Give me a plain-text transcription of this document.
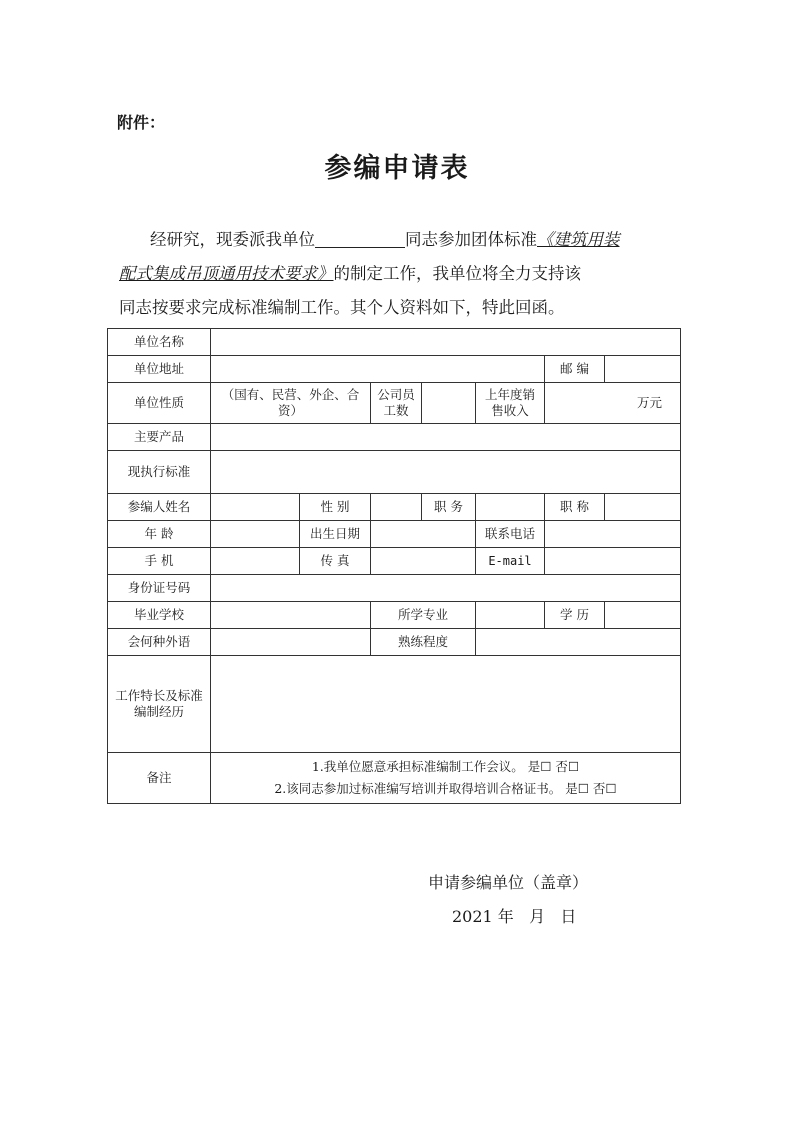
附件：
参编申请表
经研究，现委派我单位	同志参加团体标准《建筑用装
配式集成吊顶通用技术要求》的制定工作，我单位将全力支持该
同志按要求完成标准编制工作。其个人资料如下，特此回函。
单位名称							
单位地址						邮 编	
单位性质	（国有、民营、外企、合资）		公司员工数		上年度销售收入	万元	
主要产品							
现执行标准							
参编人姓名		性 别		职 务		职 称	
年 龄		出生日期			联系电话		
手 机		传 真			E-mail		
身份证号码							
毕业学校			所学专业			学 历	
会何种外语			熟练程度				
工作特长及标准编制经历							
备注	1.我单位愿意承担标准编制工作会议。 是☐ 否☐
2.该同志参加过标准编写培训并取得培训合格证书。 是☐ 否☐						
申请参编单位（盖章）
2021 年   月   日
